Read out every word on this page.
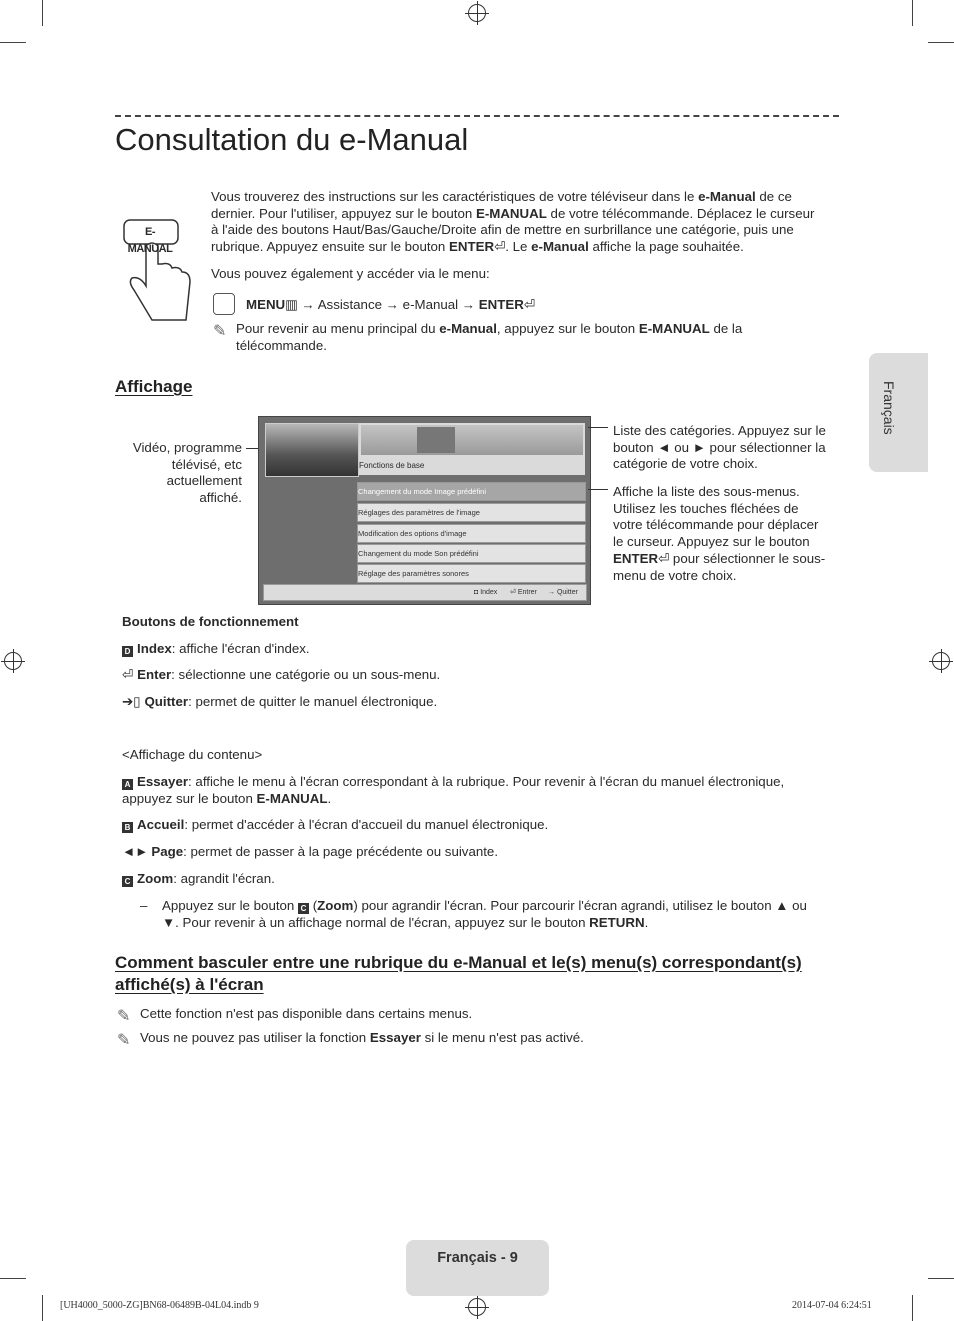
Consultation du e-Manual
Français
E-MANUAL

Vous trouverez des instructions sur les caractéristiques de votre téléviseur dans le e-Manual de ce

dernier. Pour l'utiliser, appuyez sur le bouton E-MANUAL de votre télécommande. Déplacez le curseur

à l'aide des boutons Haut/Bas/Gauche/Droite afin de mettre en surbrillance une catégorie, puis une

rubrique. Appuyez ensuite sur le bouton ENTER⏎. Le e-Manual affiche la page souhaitée.

Vous pouvez également y accéder via le menu:

MENU▥ → Assistance → e-Manual → ENTER⏎

✎ Pour revenir au menu principal du e-Manual, appuyez sur le bouton E-MANUAL de la

télécommande.

Affichage

Vidéo, programme

télévisé, etc

actuellement

affiché.

Fonctions de base
Changement du mode Image prédéfini
Réglages des paramètres de l'image
Modification des options d'image
Changement du mode Son prédéfini
Réglage des paramètres sonores
◘ Index ⏎ Entrer → Quitter

Liste des catégories. Appuyez sur le

bouton ◄ ou ► pour sélectionner la

catégorie de votre choix.

Affiche la liste des sous-menus.

Utilisez les touches fléchées de

votre télécommande pour déplacer

le curseur. Appuyez sur le bouton

ENTER⏎ pour sélectionner le sous-

menu de votre choix.

Boutons de fonctionnement

D Index: affiche l'écran d'index.

⏎ Enter: sélectionne une catégorie ou un sous-menu.

➔▯ Quitter: permet de quitter le manuel électronique.

<Affichage du contenu>

A Essayer: affiche le menu à l'écran correspondant à la rubrique. Pour revenir à l'écran du manuel électronique,

appuyez sur le bouton E-MANUAL.

B Accueil: permet d'accéder à l'écran d'accueil du manuel électronique.

◄► Page: permet de passer à la page précédente ou suivante.

C Zoom: agrandit l'écran.

– Appuyez sur le bouton C (Zoom) pour agrandir l'écran. Pour parcourir l'écran agrandi, utilisez le bouton ▲ ou

▼. Pour revenir à un affichage normal de l'écran, appuyez sur le bouton RETURN.

Comment basculer entre une rubrique du e-Manual et le(s) menu(s) correspondant(s)
affiché(s) à l'écran
✎ Cette fonction n'est pas disponible dans certains menus.

✎ Vous ne pouvez pas utiliser la fonction Essayer si le menu n'est pas activé.

Français - 9
[UH4000_5000-ZG]BN68-06489B-04L04.indb 9	2014-07-04 6:24:51
